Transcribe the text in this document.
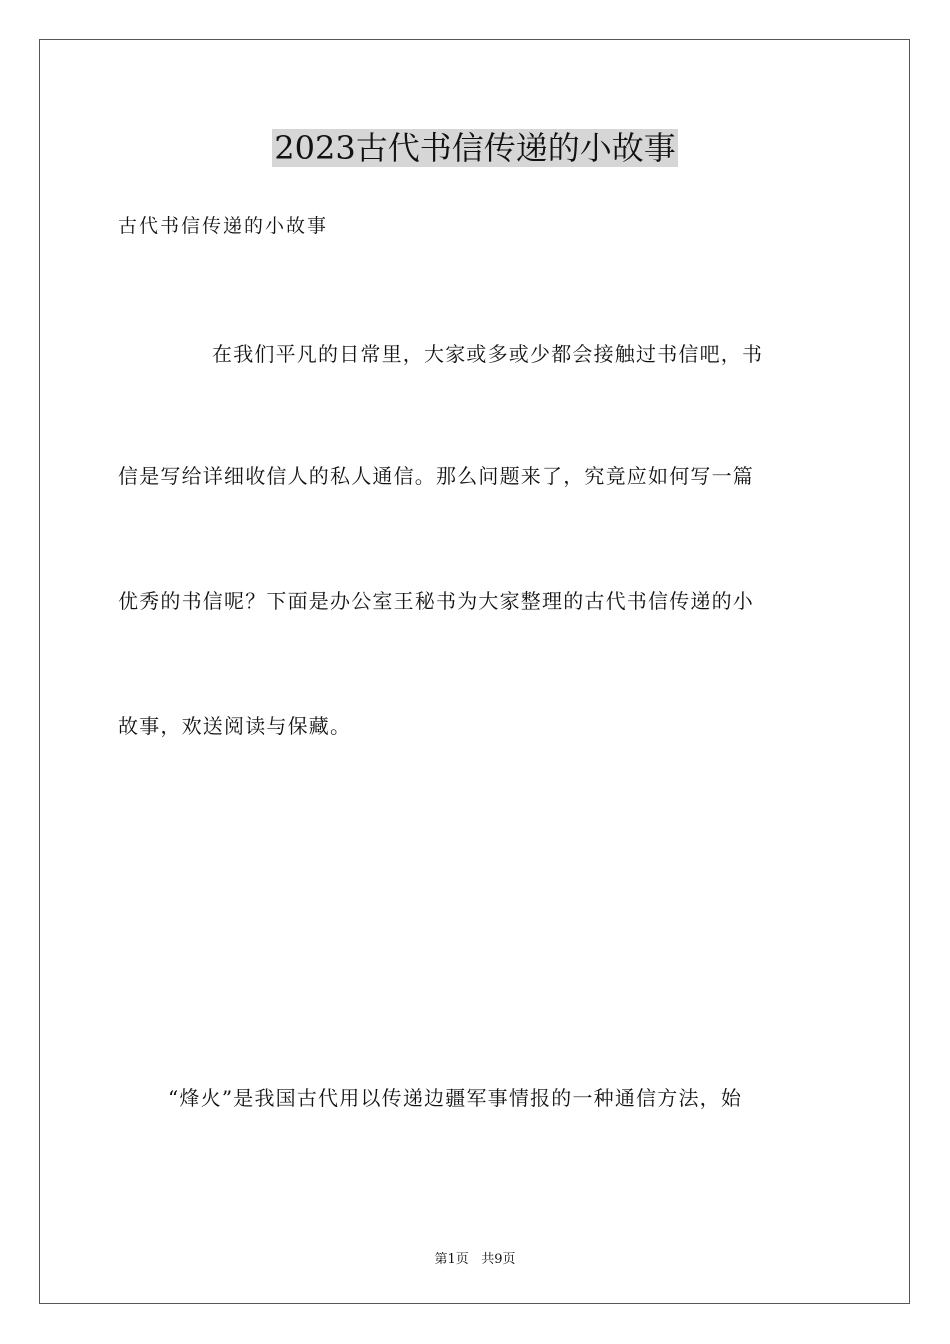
2023古代书信传递的小故事

古代书信传递的小故事

在我们平凡的日常里，大家或多或少都会接触过书信吧，书

信是写给详细收信人的私人通信。那么问题来了，究竟应如何写一篇

优秀的书信呢？下面是办公室王秘书为大家整理的古代书信传递的小

故事，欢送阅读与保藏。

“烽火”是我国古代用以传递边疆军事情报的一种通信方法，始

第1页 共9页
